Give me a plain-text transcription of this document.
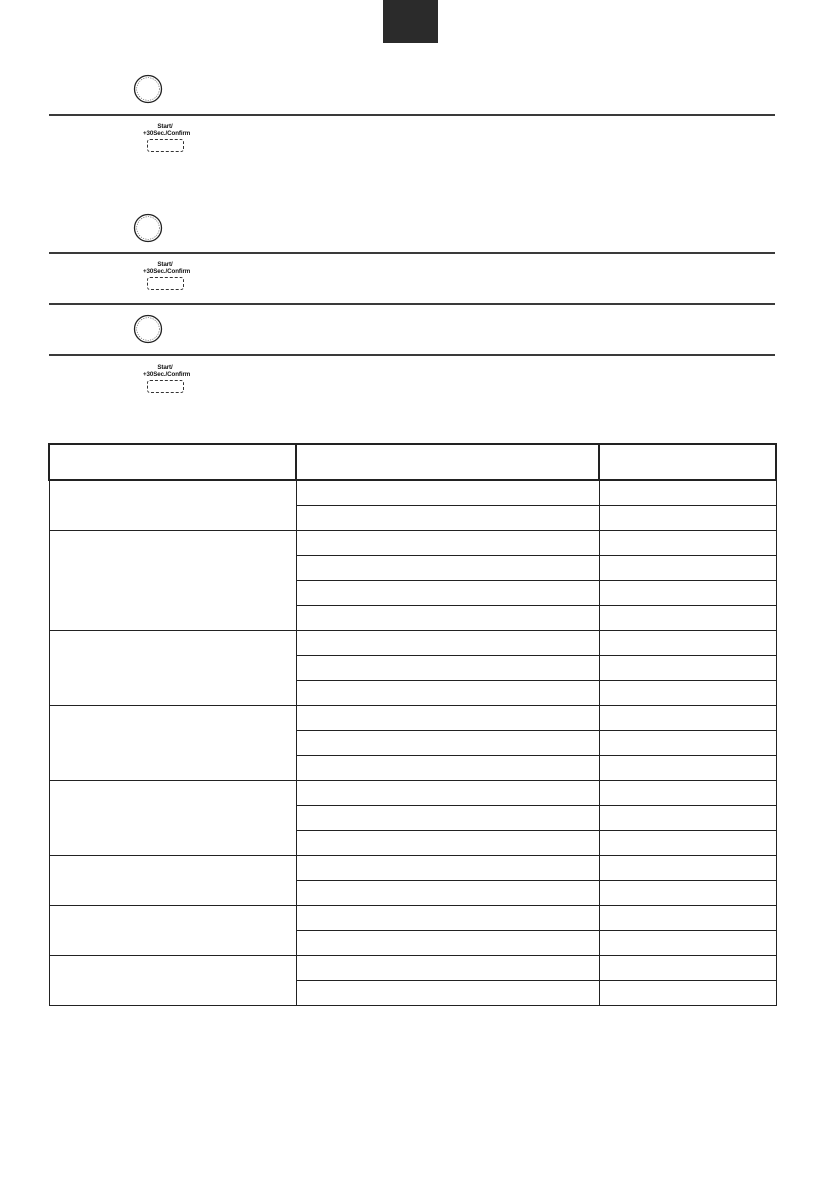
Start/
+30Sec./Confirm
Start/
+30Sec./Confirm
Start/
+30Sec./Confirm
